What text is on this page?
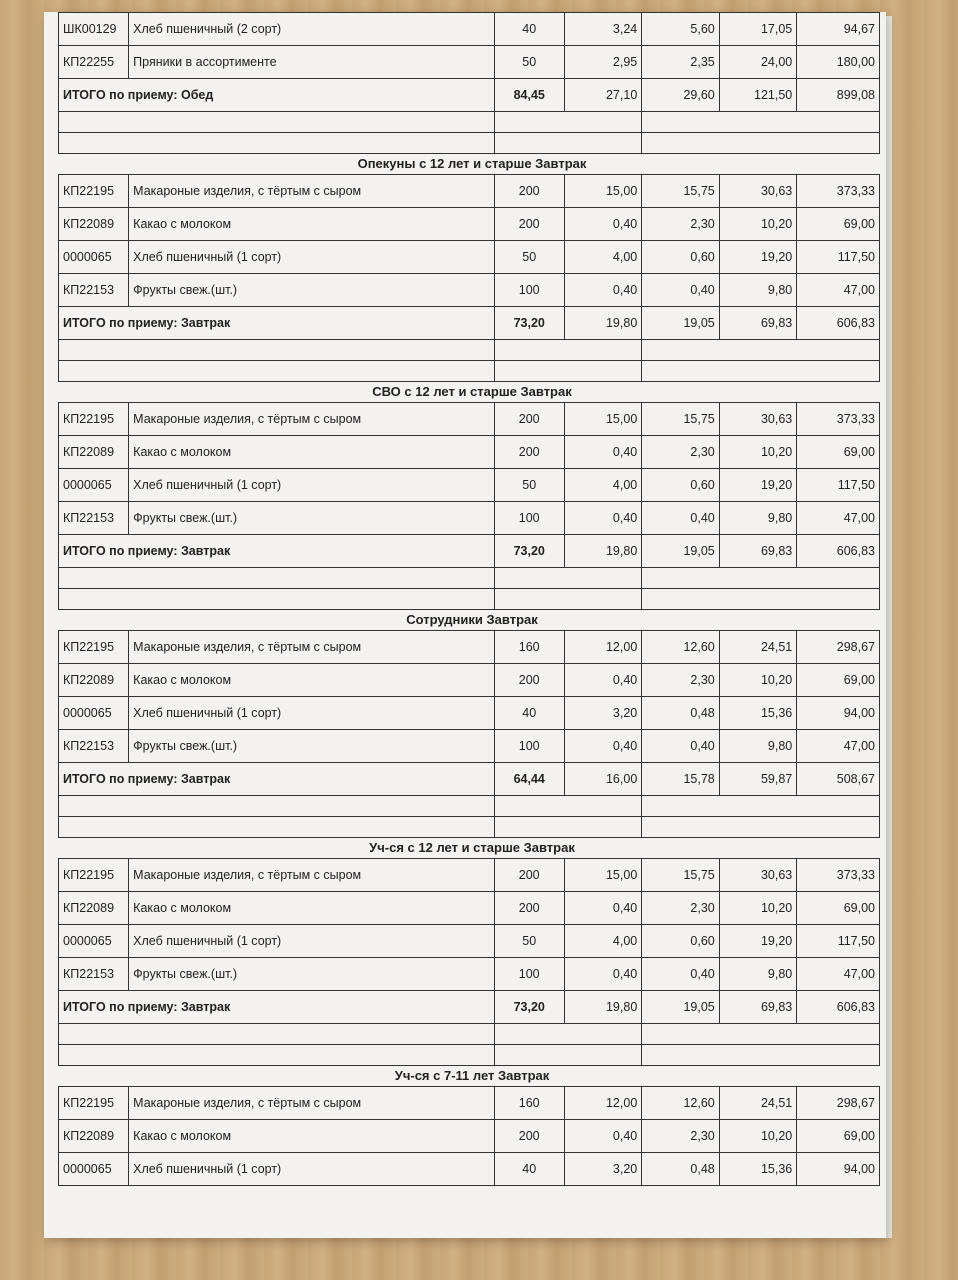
ШК00129	Хлеб пшеничный (2 сорт)	40	3,24	5,60	17,05	94,67
КП22255	Пряники в ассортименте	50	2,95	2,35	24,00	180,00
ИТОГО по приему: Обед		84,45	27,10	29,60	121,50	899,08

Опекуны с 12 лет и старше Завтрак
КП22195	Макароные изделия, с тёртым с сыром	200	15,00	15,75	30,63	373,33
КП22089	Какао с молоком	200	0,40	2,30	10,20	69,00
0000065	Хлеб пшеничный (1 сорт)	50	4,00	0,60	19,20	117,50
КП22153	Фрукты свеж.(шт.)	100	0,40	0,40	9,80	47,00
ИТОГО по приему: Завтрак		73,20	19,80	19,05	69,83	606,83

СВО с 12 лет и старше Завтрак
КП22195	Макароные изделия, с тёртым с сыром	200	15,00	15,75	30,63	373,33
КП22089	Какао с молоком	200	0,40	2,30	10,20	69,00
0000065	Хлеб пшеничный (1 сорт)	50	4,00	0,60	19,20	117,50
КП22153	Фрукты свеж.(шт.)	100	0,40	0,40	9,80	47,00
ИТОГО по приему: Завтрак		73,20	19,80	19,05	69,83	606,83

Сотрудники Завтрак
КП22195	Макароные изделия, с тёртым с сыром	160	12,00	12,60	24,51	298,67
КП22089	Какао с молоком	200	0,40	2,30	10,20	69,00
0000065	Хлеб пшеничный (1 сорт)	40	3,20	0,48	15,36	94,00
КП22153	Фрукты свеж.(шт.)	100	0,40	0,40	9,80	47,00
ИТОГО по приему: Завтрак		64,44	16,00	15,78	59,87	508,67

Уч-ся с 12 лет и старше Завтрак
КП22195	Макароные изделия, с тёртым с сыром	200	15,00	15,75	30,63	373,33
КП22089	Какао с молоком	200	0,40	2,30	10,20	69,00
0000065	Хлеб пшеничный (1 сорт)	50	4,00	0,60	19,20	117,50
КП22153	Фрукты свеж.(шт.)	100	0,40	0,40	9,80	47,00
ИТОГО по приему: Завтрак		73,20	19,80	19,05	69,83	606,83

Уч-ся с 7-11 лет Завтрак
КП22195	Макароные изделия, с тёртым с сыром	160	12,00	12,60	24,51	298,67
КП22089	Какао с молоком	200	0,40	2,30	10,20	69,00
0000065	Хлеб пшеничный (1 сорт)	40	3,20	0,48	15,36	94,00
